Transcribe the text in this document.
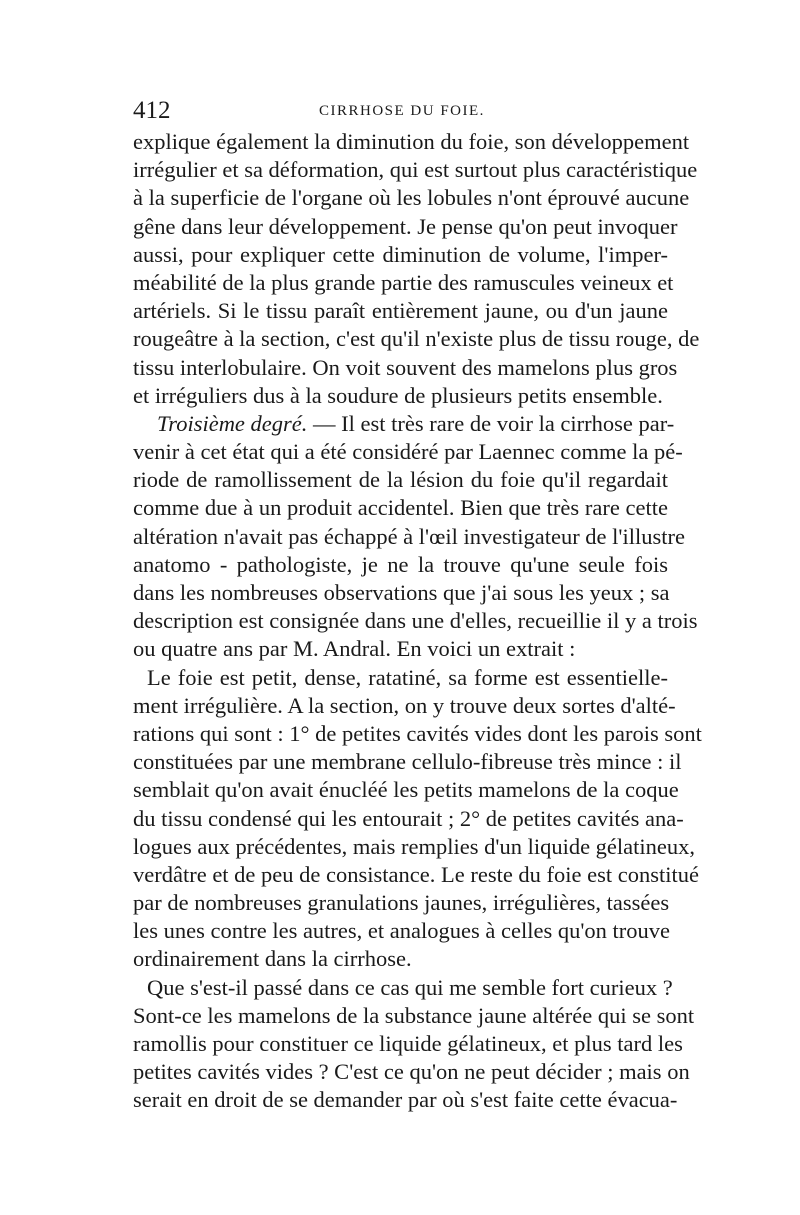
412	CIRRHOSE DU FOIE.
explique également la diminution du foie, son développement
irrégulier et sa déformation, qui est surtout plus caractéristique
à la superficie de l'organe où les lobules n'ont éprouvé aucune
gêne dans leur développement. Je pense qu'on peut invoquer
aussi, pour expliquer cette diminution de volume, l'imper-
méabilité de la plus grande partie des ramuscules veineux et
artériels. Si le tissu paraît entièrement jaune, ou d'un jaune
rougeâtre à la section, c'est qu'il n'existe plus de tissu rouge, de
tissu interlobulaire. On voit souvent des mamelons plus gros
et irréguliers dus à la soudure de plusieurs petits ensemble.
Troisième degré. — Il est très rare de voir la cirrhose par-
venir à cet état qui a été considéré par Laennec comme la pé-
riode de ramollissement de la lésion du foie qu'il regardait
comme due à un produit accidentel. Bien que très rare cette
altération n'avait pas échappé à l'œil investigateur de l'illustre
anatomo - pathologiste, je ne la trouve qu'une seule fois
dans les nombreuses observations que j'ai sous les yeux ; sa
description est consignée dans une d'elles, recueillie il y a trois
ou quatre ans par M. Andral. En voici un extrait :
Le foie est petit, dense, ratatiné, sa forme est essentielle-
ment irrégulière. A la section, on y trouve deux sortes d'alté-
rations qui sont : 1° de petites cavités vides dont les parois sont
constituées par une membrane cellulo-fibreuse très mince : il
semblait qu'on avait énucléé les petits mamelons de la coque
du tissu condensé qui les entourait ; 2° de petites cavités ana-
logues aux précédentes, mais remplies d'un liquide gélatineux,
verdâtre et de peu de consistance. Le reste du foie est constitué
par de nombreuses granulations jaunes, irrégulières, tassées
les unes contre les autres, et analogues à celles qu'on trouve
ordinairement dans la cirrhose.
Que s'est-il passé dans ce cas qui me semble fort curieux ?
Sont-ce les mamelons de la substance jaune altérée qui se sont
ramollis pour constituer ce liquide gélatineux, et plus tard les
petites cavités vides ? C'est ce qu'on ne peut décider ; mais on
serait en droit de se demander par où s'est faite cette évacua-
